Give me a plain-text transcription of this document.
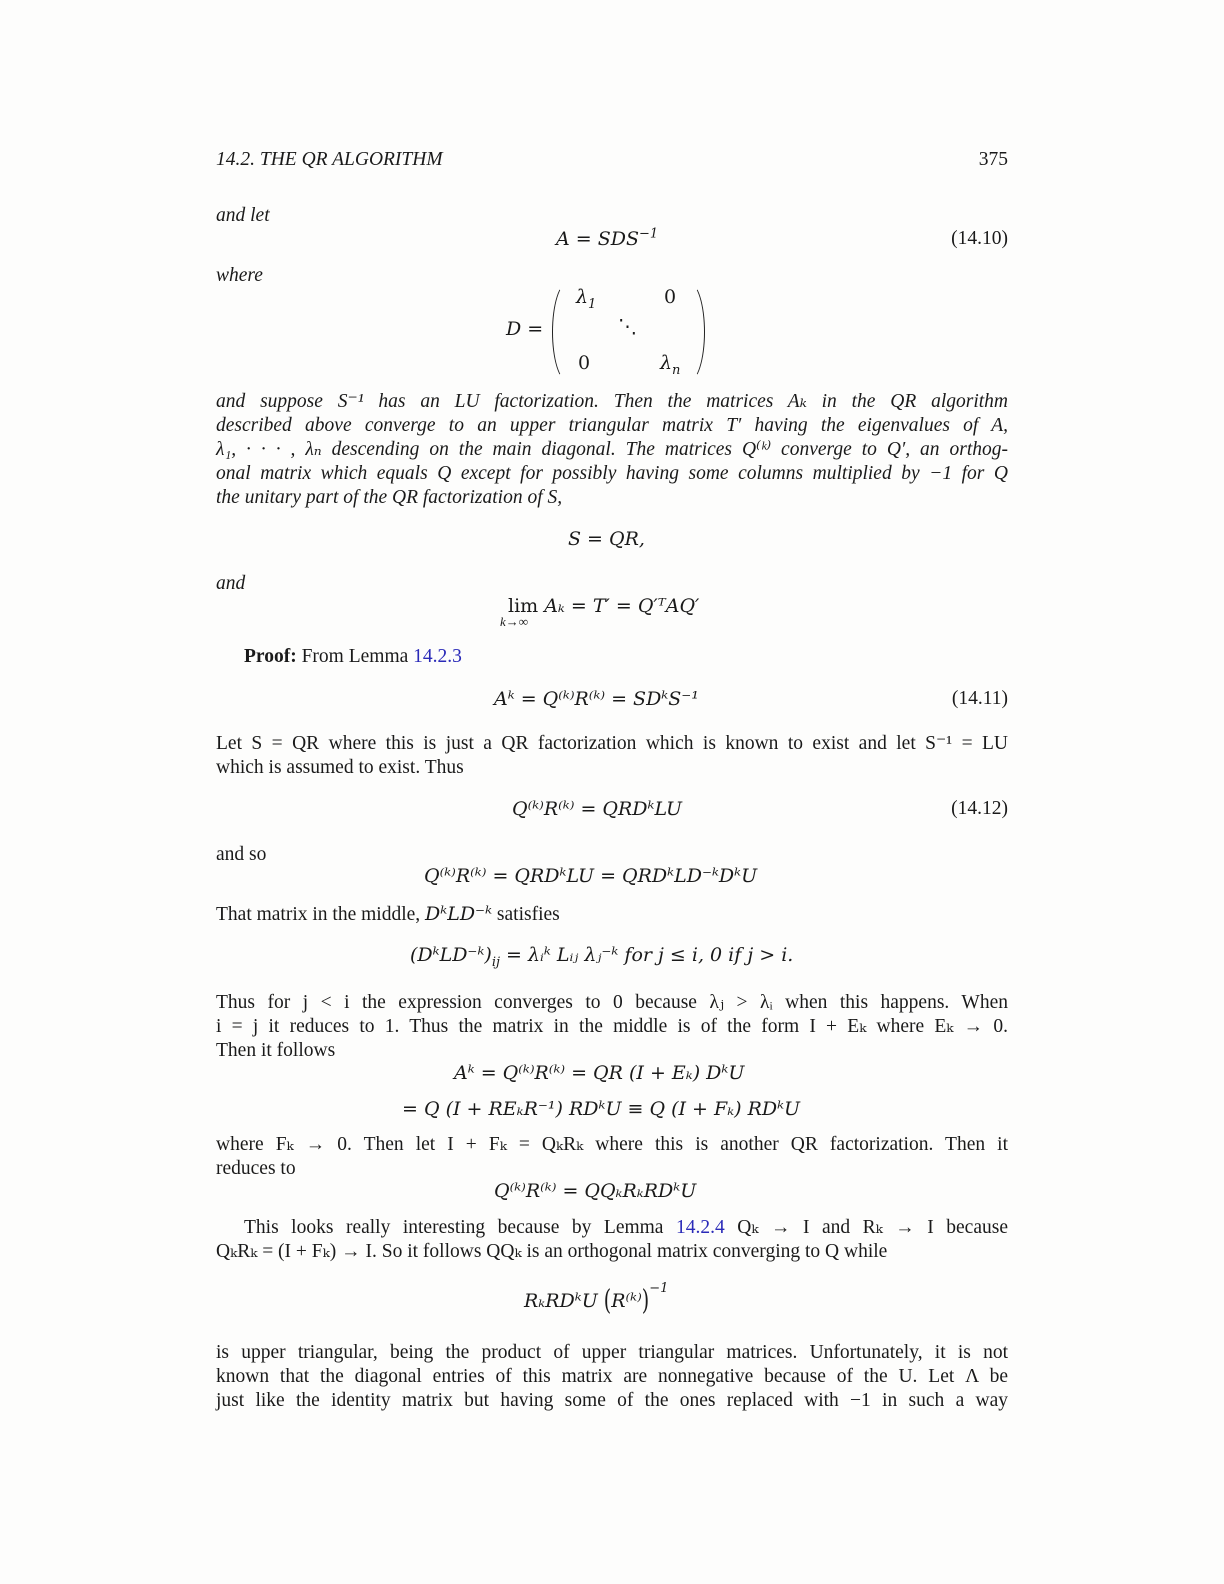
14.2. THE QR ALGORITHM	375
and let
$A = SDS^{-1}$	(14.10)
where
D =
$\lambda_1$	0
⋱
0	$\lambda_n$
and suppose S⁻¹ has an LU factorization. Then the matrices Aₖ in the QR algorithm
described above converge to an upper triangular matrix T′ having the eigenvalues of A,
λ₁, · · · , λₙ descending on the main diagonal. The matrices Q⁽ᵏ⁾ converge to Q′, an orthog-
onal matrix which equals Q except for possibly having some columns multiplied by −1 for Q
the unitary part of the QR factorization of S,
S = QR,
and
lim Aₖ = T′ = Q′ᵀAQ′
k→∞
Proof: From Lemma 14.2.3
Aᵏ = Q⁽ᵏ⁾R⁽ᵏ⁾ = SDᵏS⁻¹	(14.11)
Let S = QR where this is just a QR factorization which is known to exist and let S⁻¹ = LU
which is assumed to exist. Thus
Q⁽ᵏ⁾R⁽ᵏ⁾ = QRDᵏLU	(14.12)
and so
Q⁽ᵏ⁾R⁽ᵏ⁾ = QRDᵏLU = QRDᵏLD⁻ᵏDᵏU
That matrix in the middle, DᵏLD⁻ᵏ satisfies
$(DᵏLD^-ᵏ)_{ij}$ = λᵢᵏ Lᵢⱼ λⱼ⁻ᵏ for j ≤ i, 0 if j > i.
Thus for j < i the expression converges to 0 because λⱼ > λᵢ when this happens. When
i = j it reduces to 1. Thus the matrix in the middle is of the form I + Eₖ where Eₖ → 0.
Then it follows
Aᵏ = Q⁽ᵏ⁾R⁽ᵏ⁾ = QR (I + Eₖ) DᵏU
= Q (I + REₖR⁻¹) RDᵏU ≡ Q (I + Fₖ) RDᵏU
where Fₖ → 0. Then let I + Fₖ = QₖRₖ where this is another QR factorization. Then it
reduces to
Q⁽ᵏ⁾R⁽ᵏ⁾ = QQₖRₖRDᵏU
This looks really interesting because by Lemma 14.2.4 Qₖ → I and Rₖ → I because
QₖRₖ = (I + Fₖ) → I. So it follows QQₖ is an orthogonal matrix converging to Q while
RₖRDᵏU (R⁽ᵏ⁾)$^{-1}$
is upper triangular, being the product of upper triangular matrices. Unfortunately, it is not
known that the diagonal entries of this matrix are nonnegative because of the U. Let Λ be
just like the identity matrix but having some of the ones replaced with −1 in such a way
